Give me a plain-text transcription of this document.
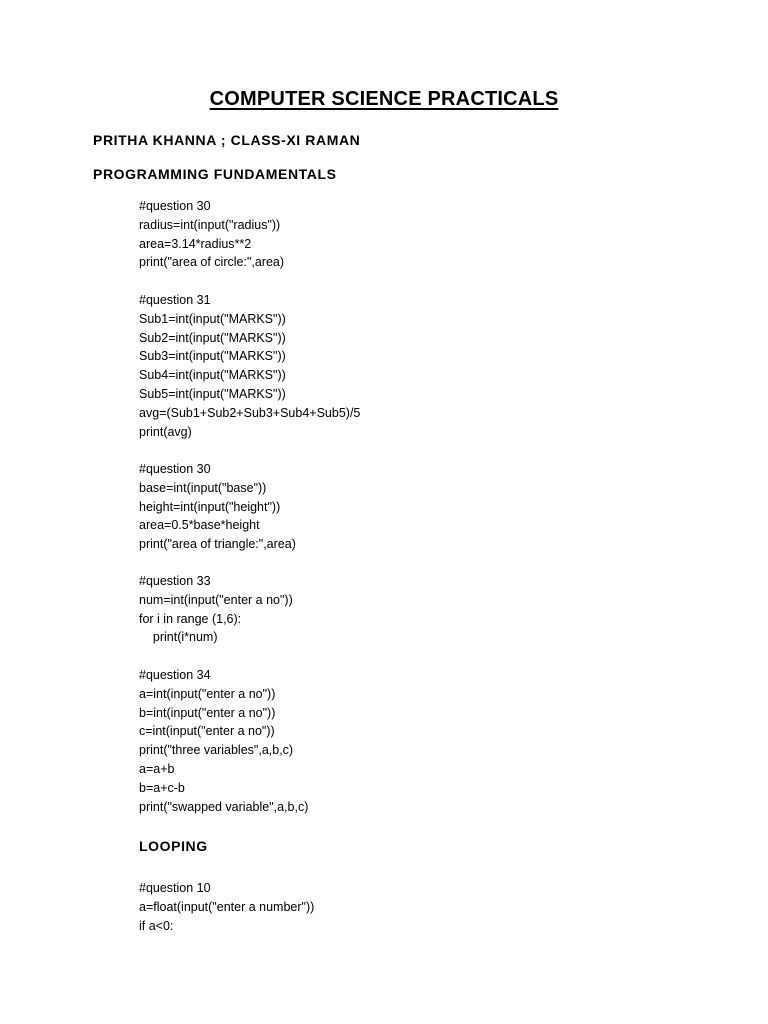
COMPUTER SCIENCE PRACTICALS
PRITHA KHANNA ; CLASS-XI RAMAN
PROGRAMMING FUNDAMENTALS
#question 30
radius=int(input("radius"))
area=3.14*radius**2
print("area of circle:",area)
#question 31
Sub1=int(input("MARKS"))
Sub2=int(input("MARKS"))
Sub3=int(input("MARKS"))
Sub4=int(input("MARKS"))
Sub5=int(input("MARKS"))
avg=(Sub1+Sub2+Sub3+Sub4+Sub5)/5
print(avg)
#question 30
base=int(input("base"))
height=int(input("height"))
area=0.5*base*height
print("area of triangle:",area)
#question 33
num=int(input("enter a no"))
for i in range (1,6):
print(i*num)
#question 34
a=int(input("enter a no"))
b=int(input("enter a no"))
c=int(input("enter a no"))
print("three variables",a,b,c)
a=a+b
b=a+c-b
print("swapped variable",a,b,c)
LOOPING
#question 10
a=float(input("enter a number"))
if a<0:
